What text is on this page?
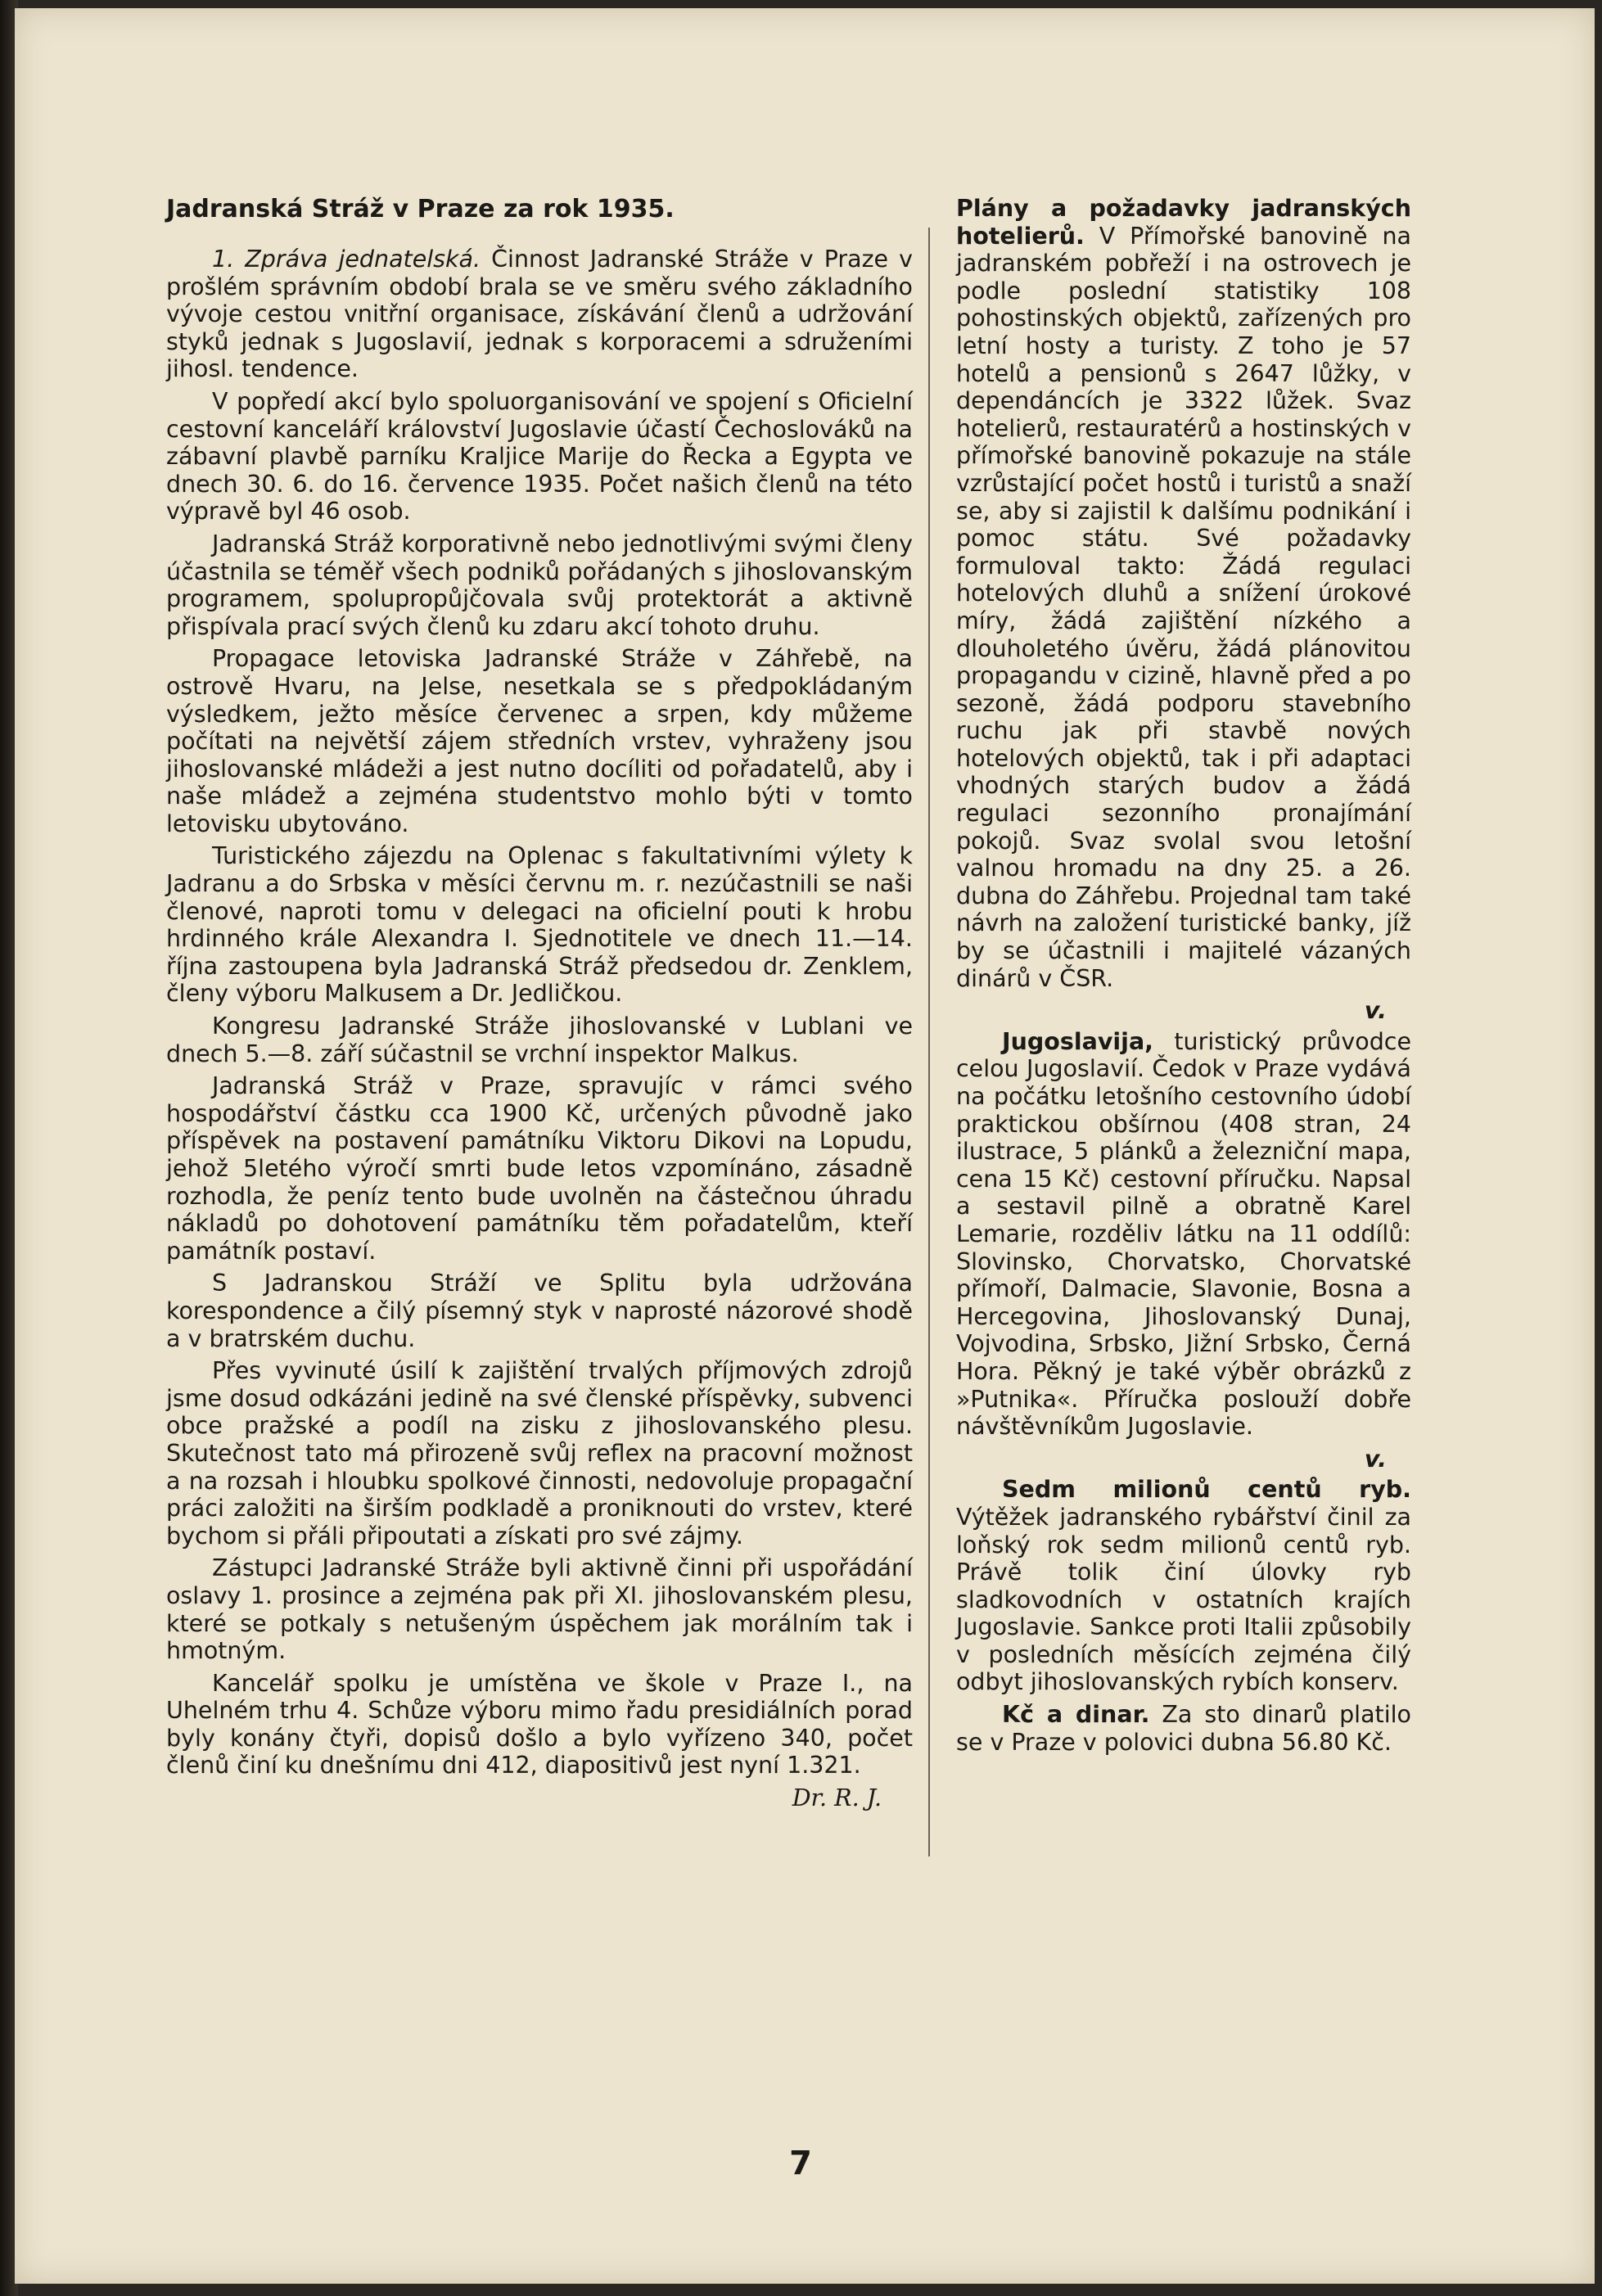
Jadranská Stráž v Praze za rok 1935.

1. Zpráva jednatelská. Činnost Jadranské Stráže v Praze v prošlém správním období brala se ve směru svého základního vývoje cestou vnitřní organisace, získávání členů a udržování styků jednak s Jugoslavií, jednak s korporacemi a sdruženími jihosl. tendence.

V popředí akcí bylo spoluorganisování ve spojení s Oficielní cestovní kanceláří království Jugoslavie účastí Čechoslováků na zábavní plavbě parníku Kraljice Marije do Řecka a Egypta ve dnech 30. 6. do 16. července 1935. Počet našich členů na této výpravě byl 46 osob.

Jadranská Stráž korporativně nebo jednotlivými svými členy účastnila se téměř všech podniků pořádaných s jihoslovanským programem, spolupropůjčovala svůj protektorát a aktivně přispívala prací svých členů ku zdaru akcí tohoto druhu.

Propagace letoviska Jadranské Stráže v Záhřebě, na ostrově Hvaru, na Jelse, nesetkala se s předpokládaným výsledkem, ježto měsíce červenec a srpen, kdy můžeme počítati na největší zájem středních vrstev, vyhraženy jsou jihoslovanské mládeži a jest nutno docíliti od pořadatelů, aby i naše mládež a zejména studentstvo mohlo býti v tomto letovisku ubytováno.

Turistického zájezdu na Oplenac s fakultativními výlety k Jadranu a do Srbska v měsíci červnu m. r. nezúčastnili se naši členové, naproti tomu v delegaci na oficielní pouti k hrobu hrdinného krále Alexandra I. Sjednotitele ve dnech 11.—14. října zastoupena byla Jadranská Stráž předsedou dr. Zenklem, členy výboru Malkusem a Dr. Jedličkou.

Kongresu Jadranské Stráže jihoslovanské v Lublani ve dnech 5.—8. září súčastnil se vrchní inspektor Malkus.

Jadranská Stráž v Praze, spravujíc v rámci svého hospodářství částku cca 1900 Kč, určených původně jako příspěvek na postavení památníku Viktoru Dikovi na Lopudu, jehož 5letého výročí smrti bude letos vzpomínáno, zásadně rozhodla, že peníz tento bude uvolněn na částečnou úhradu nákladů po dohotovení památníku těm pořadatelům, kteří památník postaví.

S Jadranskou Stráží ve Splitu byla udržována korespondence a čilý písemný styk v naprosté názorové shodě a v bratrském duchu.

Přes vyvinuté úsilí k zajištění trvalých příjmových zdrojů jsme dosud odkázáni jedině na své členské příspěvky, subvenci obce pražské a podíl na zisku z jihoslovanského plesu. Skutečnost tato má přirozeně svůj reflex na pracovní možnost a na rozsah i hloubku spolkové činnosti, nedovoluje propagační práci založiti na širším podkladě a proniknouti do vrstev, které bychom si přáli připoutati a získati pro své zájmy.

Zástupci Jadranské Stráže byli aktivně činni při uspořádání oslavy 1. prosince a zejména pak při XI. jihoslovanském plesu, které se potkaly s netušeným úspěchem jak morálním tak i hmotným.

Kancelář spolku je umístěna ve škole v Praze I., na Uhelném trhu 4. Schůze výboru mimo řadu presidiálních porad byly konány čtyři, dopisů došlo a bylo vyřízeno 340, počet členů činí ku dnešnímu dni 412, diapositivů jest nyní 1.321.

Dr. R. J.

Plány a požadavky jadranských hotelierů. V Přímořské banovině na jadranském pobřeží i na ostrovech je podle poslední statistiky 108 pohostinských objektů, zařízených pro letní hosty a turisty. Z toho je 57 hotelů a pensionů s 2647 lůžky, v dependáncích je 3322 lůžek. Svaz hotelierů, restauratérů a hostinských v přímořské banovině pokazuje na stále vzrůstající počet hostů i turistů a snaží se, aby si zajistil k dalšímu podnikání i pomoc státu. Své požadavky formuloval takto: Žádá regulaci hotelových dluhů a snížení úrokové míry, žádá zajištění nízkého a dlouholetého úvěru, žádá plánovitou propagandu v cizině, hlavně před a po sezoně, žádá podporu stavebního ruchu jak při stavbě nových hotelových objektů, tak i při adaptaci vhodných starých budov a žádá regulaci sezonního pronajímání pokojů. Svaz svolal svou letošní valnou hromadu na dny 25. a 26. dubna do Záhřebu. Projednal tam také návrh na založení turistické banky, jíž by se účastnili i majitelé vázaných dinárů v ČSR.

v.

Jugoslavija, turistický průvodce celou Jugoslavií. Čedok v Praze vydává na počátku letošního cestovního údobí praktickou obšírnou (408 stran, 24 ilustrace, 5 plánků a železniční mapa, cena 15 Kč) cestovní příručku. Napsal a sestavil pilně a obratně Karel Lemarie, rozděliv látku na 11 oddílů: Slovinsko, Chorvatsko, Chorvatské přímoří, Dalmacie, Slavonie, Bosna a Hercegovina, Jihoslovanský Dunaj, Vojvodina, Srbsko, Jižní Srbsko, Černá Hora. Pěkný je také výběr obrázků z »Putnika«. Příručka poslouží dobře návštěvníkům Jugoslavie.

v.

Sedm milionů centů ryb. Výtěžek jadranského rybářství činil za loňský rok sedm milionů centů ryb. Právě tolik činí úlovky ryb sladkovodních v ostatních krajích Jugoslavie. Sankce proti Italii způsobily v posledních měsících zejména čilý odbyt jihoslovanských rybích konserv.

Kč a dinar. Za sto dinarů platilo se v Praze v polovici dubna 56.80 Kč.

7
